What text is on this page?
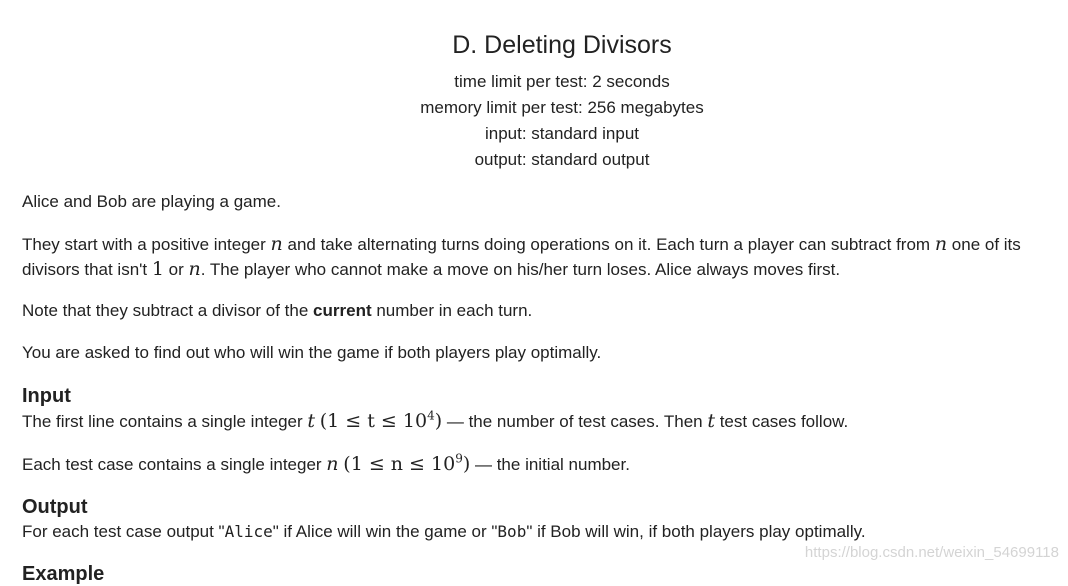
D. Deleting Divisors
time limit per test: 2 seconds
memory limit per test: 256 megabytes
input: standard input
output: standard output

Alice and Bob are playing a game.

They start with a positive integer n and take alternating turns doing operations on it. Each turn a player can subtract from n one of its divisors that isn't 1 or n. The player who cannot make a move on his/her turn loses. Alice always moves first.

Note that they subtract a divisor of the current number in each turn.

You are asked to find out who will win the game if both players play optimally.

Input

The first line contains a single integer t $(1 \le t \le 10^4)$ — the number of test cases. Then t test cases follow.

Each test case contains a single integer n $(1 \le n \le 10^9)$ — the initial number.

Output

For each test case output "Alice" if Alice will win the game or "Bob" if Bob will win, if both players play optimally.

Example
https://blog.csdn.net/weixin_54699118
